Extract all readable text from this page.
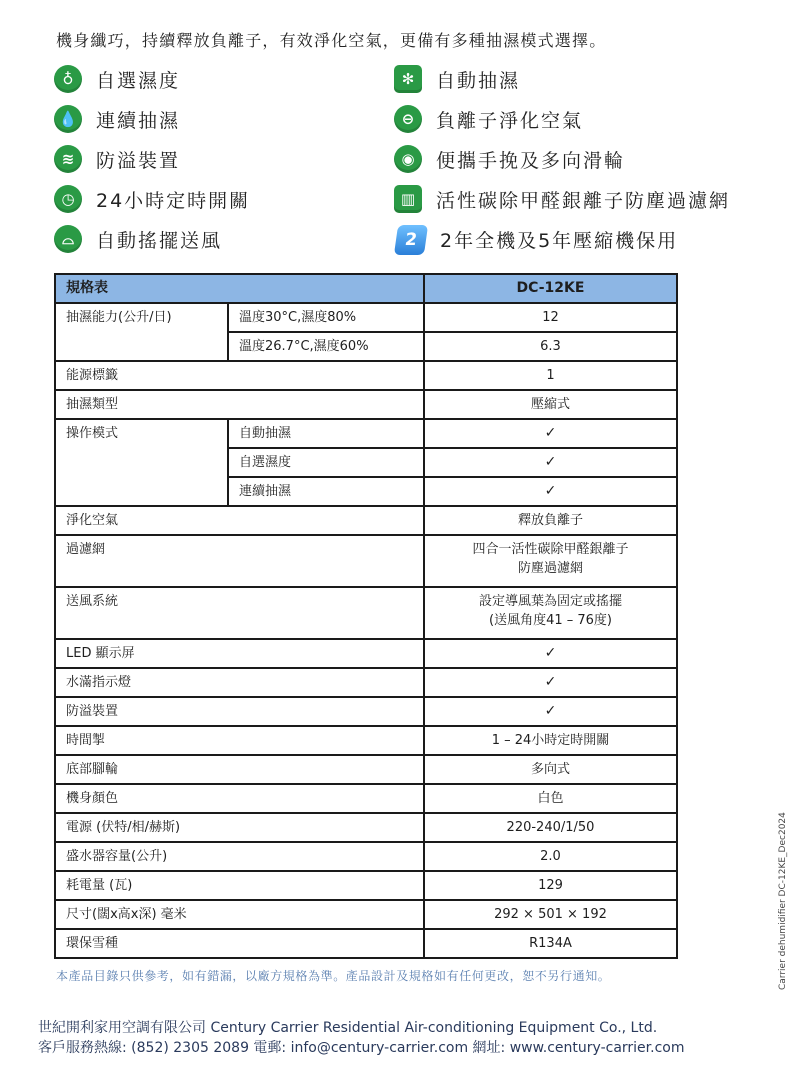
機身纖巧，持續釋放負離子，有效淨化空氣，更備有多種抽濕模式選擇。
♁	自選濕度	✻	自動抽濕
💧 連續抽濕	⊖	負離子淨化空氣
≋	防溢裝置	◉	便攜手挽及多向滑輪
◷	24小時定時開關	▥	活性碳除甲醛銀離子防塵過濾網
⌓	自動搖擺送風	2	2年全機及5年壓縮機保用
規格表		DC-12KE
抽濕能力(公升/日)	溫度30°C,濕度80%	12
	溫度26.7°C,濕度60%	6.3
能源標籤		1
抽濕類型		壓縮式
操作模式	自動抽濕	✓
	自選濕度	✓
	連續抽濕	✓
淨化空氣		釋放負離子
過濾網		四合一活性碳除甲醛銀離子
防塵過濾網

送風系統		設定導風葉為固定或搖擺
(送風角度41 – 76度)

LED 顯示屏		✓
水滿指示燈		✓
防溢裝置		✓
時間掣		1 – 24小時定時開關
底部腳輪		多向式
機身顏色		白色
電源 (伏特/相/赫斯)		220-240/1/50
盛水器容量(公升)		2.0
耗電量 (瓦)		129
尺寸(闊x高x深) 毫米		292 × 501 × 192
環保雪種		R134A
本產品目錄只供參考，如有錯漏，以廠方規格為準。產品設計及規格如有任何更改，恕不另行通知。
世紀開利家用空調有限公司 Century Carrier Residential Air-conditioning Equipment Co., Ltd.
客戶服務熱線: (852) 2305 2089 電郵: info@century-carrier.com 網址: www.century-carrier.com
Carrier dehumidifier DC-12KE_Dec2024
